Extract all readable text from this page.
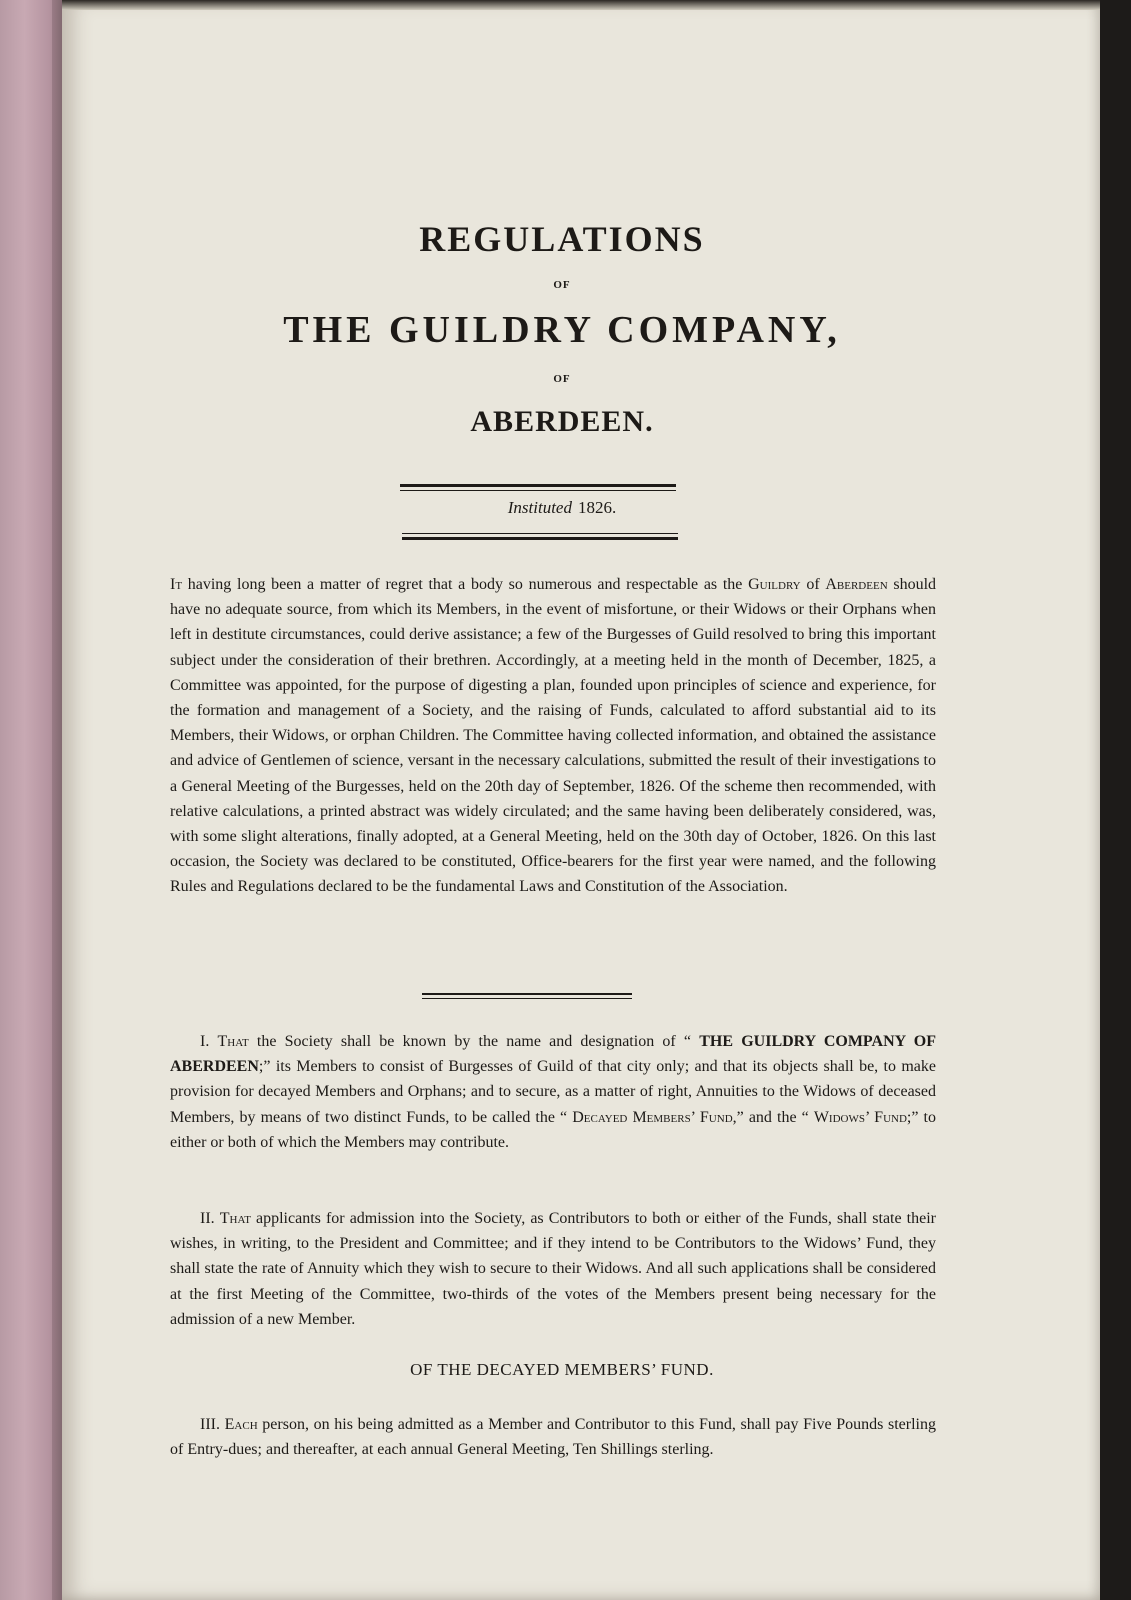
REGULATIONS
OF
THE GUILDRY COMPANY,
OF
ABERDEEN.
Instituted 1826.

It having long been a matter of regret that a body so numerous and respectable as the Guildry of Aberdeen should have no adequate source, from which its Members, in the event of misfortune, or their Widows or their Orphans when left in destitute circumstances, could derive assistance; a few of the Burgesses of Guild resolved to bring this important subject under the consideration of their brethren. Accordingly, at a meeting held in the month of December, 1825, a Committee was appointed, for the purpose of digesting a plan, founded upon principles of science and experience, for the formation and management of a Society, and the raising of Funds, calculated to afford substantial aid to its Members, their Widows, or orphan Children. The Committee having collected information, and obtained the assistance and advice of Gentlemen of science, versant in the necessary calculations, submitted the result of their investigations to a General Meeting of the Burgesses, held on the 20th day of September, 1826. Of the scheme then recommended, with relative calculations, a printed abstract was widely circulated; and the same having been deliberately considered, was, with some slight alterations, finally adopted, at a General Meeting, held on the 30th day of October, 1826. On this last occasion, the Society was declared to be constituted, Office-bearers for the first year were named, and the following Rules and Regulations declared to be the fundamental Laws and Constitution of the Association.

I. That the Society shall be known by the name and designation of “ THE GUILDRY COMPANY OF ABERDEEN;” its Members to consist of Burgesses of Guild of that city only; and that its objects shall be, to make provision for decayed Members and Orphans; and to secure, as a matter of right, Annuities to the Widows of deceased Members, by means of two distinct Funds, to be called the “ Decayed Members’ Fund,” and the “ Widows’ Fund;” to either or both of which the Members may contribute.

II. That applicants for admission into the Society, as Contributors to both or either of the Funds, shall state their wishes, in writing, to the President and Committee; and if they intend to be Contributors to the Widows’ Fund, they shall state the rate of Annuity which they wish to secure to their Widows. And all such applications shall be considered at the first Meeting of the Committee, two-thirds of the votes of the Members present being necessary for the admission of a new Member.

OF THE DECAYED MEMBERS’ FUND.

III. Each person, on his being admitted as a Member and Contributor to this Fund, shall pay Five Pounds sterling of Entry-dues; and thereafter, at each annual General Meeting, Ten Shillings sterling.
